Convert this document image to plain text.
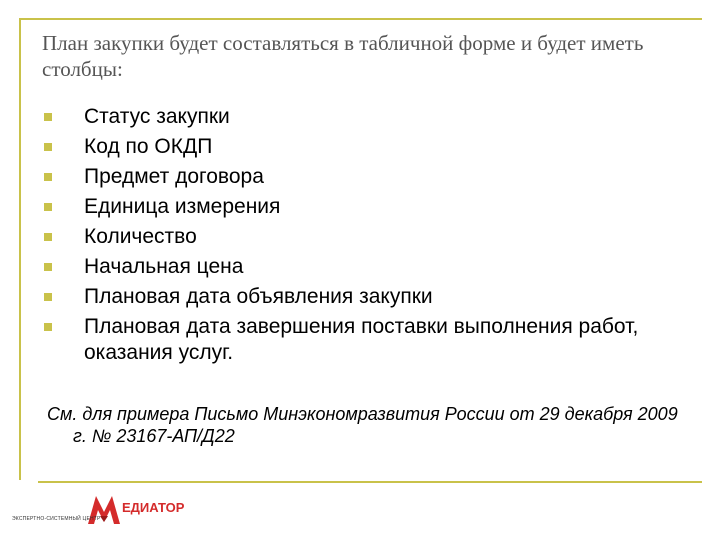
План закупки будет составляться в табличной форме и будет иметь столбцы:
Статус закупки
Код по ОКДП
Предмет договора
Единица измерения
Количество
Начальная цена
Плановая дата объявления закупки
Плановая дата завершения поставки выполнения работ, оказания услуг.

См. для примера Письмо Минэкономразвития России от 29 декабря 2009 г. № 23167-АП/Д22

ЕДИАТОР
ЭКСПЕРТНО-СИСТЕМНЫЙ ЦЕНТР
